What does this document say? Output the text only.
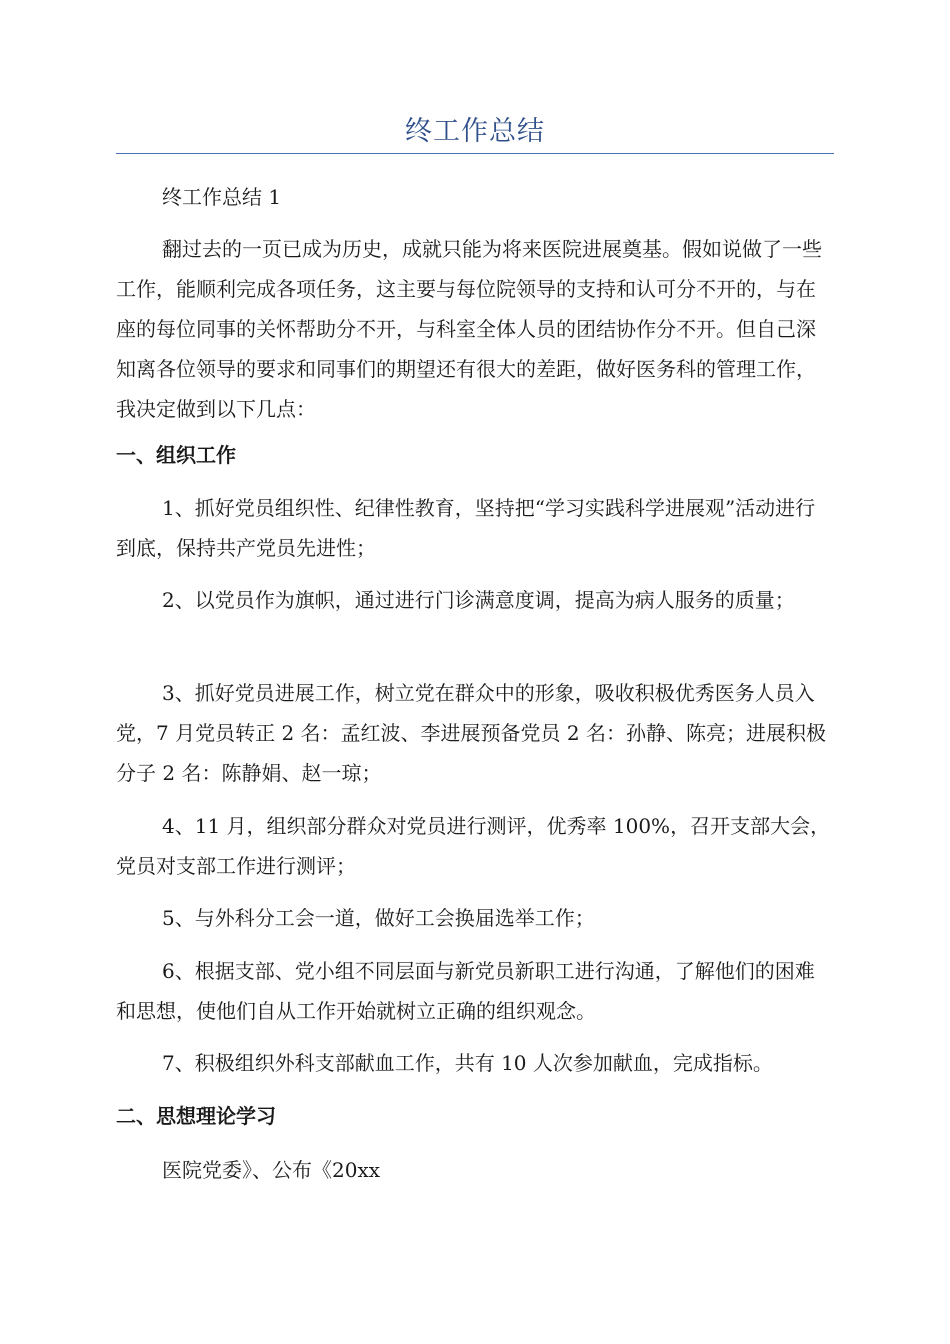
终工作总结

终工作总结 1

翻过去的一页已成为历史，成就只能为将来医院进展奠基。假如说做了一些工作，能顺利完成各项任务，这主要与每位院领导的支持和认可分不开的，与在座的每位同事的关怀帮助分不开，与科室全体人员的团结协作分不开。但自己深知离各位领导的要求和同事们的期望还有很大的差距，做好医务科的管理工作，我决定做到以下几点：

一、组织工作

1、抓好党员组织性、纪律性教育，坚持把“学习实践科学进展观”活动进行到底，保持共产党员先进性；

2、以党员作为旗帜，通过进行门诊满意度调，提高为病人服务的质量；

3、抓好党员进展工作，树立党在群众中的形象，吸收积极优秀医务人员入党，7 月党员转正 2 名：孟红波、李进展预备党员 2 名：孙静、陈亮；进展积极分子 2 名：陈静娟、赵一琼；

4、11 月，组织部分群众对党员进行测评，优秀率 100%，召开支部大会，党员对支部工作进行测评；

5、与外科分工会一道，做好工会换届选举工作；

6、根据支部、党小组不同层面与新党员新职工进行沟通，了解他们的困难和思想，使他们自从工作开始就树立正确的组织观念。

7、积极组织外科支部献血工作，共有 10 人次参加献血，完成指标。

二、思想理论学习

医院党委》、公布《20xx
